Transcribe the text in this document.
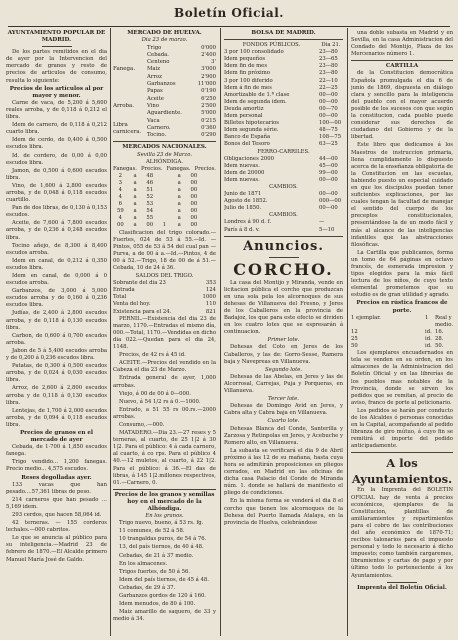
Boletín Oficial.
AYUNTAMIENTO POPULAR DE MADRID.
De los partes remitidos en el dia de ayer por la Intervencion del mercado de granos y resto de precios de articulos de consumo, resulta lo siguiente:
Precios de los artículos al por mayor y menor.
Carne de vaca, de 5,200 á 5,600 reales arroba, y de 0,118 á 0,212 el libra.
Idem de carnero, de 0,118 á 0,212 cuarto libra.
Idem de cerdo, de 0,400 á 0,500 escudos libra.
Id. de cordero, de 0,00 á 0,00 escudos libra.
Jamon, de 0,500 á 0,600 escudos libra.
Vino, de 1,600 á 2,800 escudos arroba, y de 0,048 á 0,118 escudos cuartillo.
Pan de dos libras, de 0,130 á 0,153 escudos.
Aceite, de 7,600 á 7,800 escudos arroba, y de 0,236 á 0,248 escudos libra.
Tocino añejo, de 8,300 á 8,400 escudos arroba.
Idem en canal, de 0,212 á 0,350 escudos libra.
Idem en canal, de 0,000 á 0 escudos arroba.
Garbanzos, de 3,000 á 5,000 escudos arroba y de 0,160 á 0,236 escudos libra.
Judías, de 2,400 á 2,800 escudos arroba, y de 0,118 á 0,130 escudos libra.
Carbon, de 0,600 á 0,700 escudos arroba.
Jabon de 5 á 5,400 escudos arroba y de 0,200 á 0,236 escudos libra.
Patatas, de 0,300 á 0,500 escudos arroba, y de 0,024 á 0,030 escudos libra.
Arroz, de 2,600 á 2,800 escudos arroba y de 0,118 á 0,130 escudos libra.
Lentejas, de 1,700 á 2,000 escudos arroba, y de 0,094 á 0,118 escudos libra.
Precios de granos en el mercado de ayer
Cebada, de 1·700 á 1,850 escudos fanega.
Trigo vendido... 1,200 fanegas. Precio medio... 4,575 escudos.
Reses degolladas ayer.
133 vacas que han pesado....57,361 libras de peso.
214 carneros que han pesado ... 5,169 idem.
293 cerdos, que hacen 58,064 id.
42 terneras. — 155 corderos lechales.—000 cabritos.
Lo que se anuncia al público para su inteligencia.—Madrid 23 de febrero de 1870.—El Alcalde primero Manuel María José de Galdo.
MERCADO DE HUELVA.
Dia 23 de marzo.
Fanega.
Trigo	0'000
Cebada.	2'400
Centeno	3'
Maiz	3'000
Arroz	2'900
Garbanzos	11'000
Papas	0'190
Arroba.
Aceite	6'250
Vino	2'500
Aguardiente.	5'000
Libra carnicera.
Vaca	0'215
Carnero.	0'360
Tocino.	0'290
MERCADOS NACIONALES.
Sevilla 23 de Marzo.
ALHÓNDIGA.
Fanegas. Precios. Fanegas. Precios.
2	a	48	a	00
3	a	46	a	00
4	a	51	a	00
4	a	52	a	00
6	a	53	a	00
59	a	54	a	00
4	a	55	a	00
00	a	00	1	a	00
Clasificacion del trigo colorado.—Fuertes, 024 de 53 á 55.—Id. — Pintos, 055 de 53 á 54 del cual pan —Purva, a de 00 á a.—Id.—Pintos, 4 de 00 á 52.—Trigo, 18 de 00 de á 51.—Cebada, 10 de 24 á 36.
SALDOS DEL TRIGO.
Sobrante del dia 23	353
Entrada	124
Total	1000
Venta del hoy.	110
Existencia para el 24.	821
PERNIL.—Existencia del dia 23 de marzo, 1170.—Entradas el mismo día, 000.—Total, 1170.—Vendidas en dicho dia 022.—Quedan para el dia 24, 1148.
Precios, de 42 rs á 45 id.
ACEITE.—Precios del vendido en la Cabeza el dia 23 de Marzo.
Entrada general de ayer, 1,000 arrobas.
Viejo, á 00 de 00 á 0—000.
Nuevo, á 54 1/2 rs á 0.—1000.
Entrado, a 51 55 rs 00.rs.—2000 arrobas.
Consumo,.—000.
MATADERO.—Dia 23.—27 reses y 5 terneras, al cuarto, de 25 1|2 á 30 1|2. Para el público: 4 á cada carnero, al cuarto, á co rps. Para el público 4 40.—12 muletos, al cuarto, á 22 1|2. Para el público: á 36.—El das de libras, á 145 1|2.millones respectivos, 01.—Carnero, 0.
Precios de los granos y semillas hoy en el mercado de la Alhóndiga.
En los granos.
Trigo nuevo, bueno, á 53 rs. fg.
11 comunes, de 52 á 58.
10 trangaldas puros, de 54 á 76.
13, del país tiernos, de 40 á 48.
Cebadas, de 21 á 37 medio.
En los almacenes.
Trigos fuertes, de 50 á 56.
Idem del país tiernos, de 45 á 48.
Cebadas, de 29 á 37.
Garbanzos gordos de 120 á 160.
Idem menudos, de 80 á 100.
Maiz amarillo de saquero, de 33 y medio á 34.
BOLSA DE MADRID.
FONDOS PÚBLICOS.	Dia 21.
3 por 100 consolidado	23—80
Idem pequeños	23—65
Idem fin de mes	23—80
Idem fin próximo	23—80
3 por 100 diferido	22—10
Idem á fin de mes	22—25
Amortizable de 1.ª clase	00—00
Idem de segunda idem.	00—00
Deuda amortiz	00—70
Idem personal	00—00
Billetes hipotecarios	100—00
Idem segunda série.	48—75
Banco de España	108—75
Bonos del Tesoro	63—25
FERRO-CARRILES.
Obligaciones 2000	44—00
Idem nuevas.	45—00
Idem de 20000	99—00
Idem nuevas.	00—00
CAMBIOS.
Junio de 1871	00—00
Agosto de 1852.	000—00
Julio de 1850.	00—00
CAMBIOS.
Londres á 90 d. f.	—
París á 8 d. v.	5—10
Anuncios.
CORCHO.
La casa del Montijo y Miranda, vende en licitacion pública el corcho que produzcan en una sola pela los alcornoques de sus dehesas de Villanueva del Fresno, y Jeres de los Caballeros en la provincia de Badajoz, los que para este efecto se dividen en los cuatro lotes que se espresarán á continuacion.
Primer lote.
Dehesas del Coto en Jeres de los Caballeros, y las de: Gorro-Sesse, Ramera baja y Navepreas en Villanueva.
Segundo lote.
Dehesas de las Abelas, en Jeres y las de Alcorrosal, Carrejas, Puja y Porqueras, en Villanueva.
Tercer lote.
Dehesas de Domingo Avid en Jeres, y Cabra alta y Cabra baja en Villanueva.
Cuarto lote.
Dehesas Blanca del Conde, Santerilla y Zarzosa y Retinpolas en Jeres, y Acebuche y Romero alto, en Villanueva.
La subasta se verificará el dia 9 de Abril próximo á las 12 de su mañana, hasta cuya hora se admitirán proposiciones en pliegos cerrados, en Madrid en las oficinas de dicha casa Palacio del Conde de Miranda núm. 1. donde se hallará de manifiesto el pliego de condiciones.
En la misma forma se venderá el dia 8 el corcho que tienen los alcornoques de la Dehesa del Puerto llamada Atalaya, en la provincia de Huelva, celebrándose
una doble subasta en Madrid y en Sevilla, en la casa Administracion del Condado del Montijo, Plaza de los Mercenarios número 1.
CARTILLA
de la Constitucion democrática Española promulgada el dia 6 de junio de 1869, dispuesta en diálogo clara y sencillo para la inteligencia del pueblo con el mayor acuerdo posible de los sucesos con que según la constitucion, cada pueblo puede considerar sus derechos de ciudadano del Gobierno y de la libertad.
Este libro que dedicamos á los Maestros de instruccion primaria, llena cumplidamente lo dispuesto acerca de la enseñanza obligatoria de la Constitucion en las escuelas, habiendo puesto un especial cuidado en que los discípulos puedan tener suficientes explicaciones, por las cuales tengan la facultad de manejar el sentido del cuerpo de los preceptos constitucionales, presentándose la de un modo fácil y más al alcance de las inteligencias infantiles que las abstracciones filosóficas.
La Cartilla que publicamos, forma un tomo de 64 páginas en octavo francés, de esmerada impresion y tipos elegidos para la más fácil lectura de los niños, de cuyo texto elemental prometemos que su estudio es de gran utilidad y agrado.
Precios en rústica francos de porte.
1 ejemplar.	1	Real y medio.
12	id. 16.
25	id. 28.
50	id. 50.
Los ejemplares encuadernados en tela se venden en su orden, en los almacenes de la Administracion del Boletín Oficial y en las librerías de los pueblos mas notables de la Provincia, donde se sirven los pedidos que se remitan, al precio de aviso, franco de porte al peticionario.
Los pedidos se harán por conducto de los Alcaldes ó personas conocidas en la Capital, acompañando al pedido libranza de giro mútuo, á cuyo fin se remitirá el importe del pedido anticipadamente.
A los Ayuntamientos.
En la Imprenta del BOLETIN OFICIAL hay de venta á precios económicos, ejemplares de la Constitucion, plantillas de amillaramientos y repartimientos para el cobro de las contribuciones del año económico de 1870-71; recibos talonarios para el impuesto personal y todo lo necesario á dicho impuesto; como también cargaremes, libramientos y cartas de pago y por último todo lo perteneciente á los Ayuntamientos.
Imprenta del Boletín Oficial.
